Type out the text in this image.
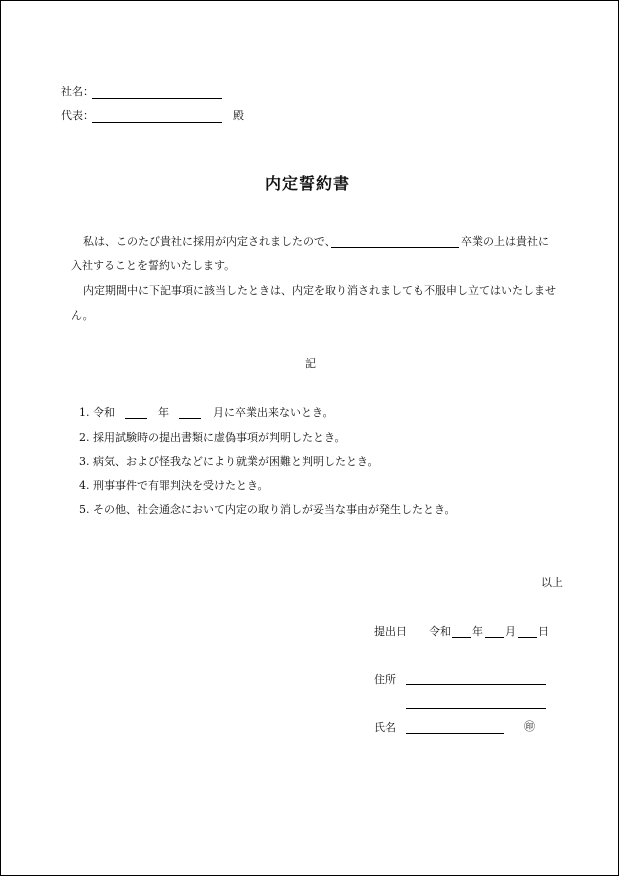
社名：
代表：	殿
内定誓約書
私は、このたび貴社に採用が内定されましたので、	卒業の上は貴社に
入社することを誓約いたします。
内定期間中に下記事項に該当したときは、内定を取り消されましても不服申し立てはいたしませ
ん。
記
1. 令和	年	月に卒業出来ないとき。
2. 採用試験時の提出書類に虚偽事項が判明したとき。
3. 病気、および怪我などにより就業が困難と判明したとき。
4. 刑事事件で有罪判決を受けたとき。
5. その他、社会通念において内定の取り消しが妥当な事由が発生したとき。
以上
提出日 令和 年 月 日
住所
氏名	㊞
